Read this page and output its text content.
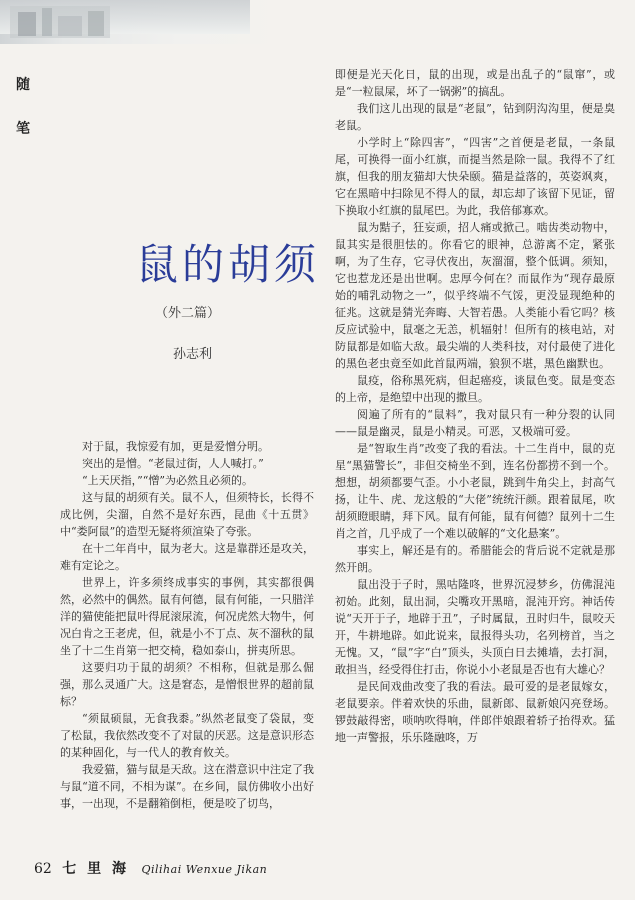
随
笔
鼠的胡须
（外二篇）
孙志利

对于鼠，我惊爱有加，更是爱憎分明。

突出的是憎。“老鼠过街，人人喊打。”

“上天厌指，”“憎”为必然且必须的。

这与鼠的胡须有关。鼠不人，但须特长，长得不成比例，尖溜，自然不是好东西，昆曲《十五贯》中“娄阿鼠”的造型无疑将须渲染了夸张。

在十二年肖中，鼠为老大。这是靠群还是攻关，难有定论之。

世界上，许多须终成事实的事例，其实都很偶然，必然中的偶然。鼠有何德，鼠有何能，一只腊洋洋的猫使能把鼠叶得屁滚尿流，何况虎然大物牛，何况白肯之王老虎，但，就是小不丁点、灰不溜秋的鼠坐了十二生肖第一把交椅，稳如泰山，拼夷所思。

这要归功于鼠的胡须？不相称，但就是那么倔强，那么灵通广大。这是窘态，是憎恨世界的超前鼠标？

“须鼠硕鼠，无食我黍。”纵然老鼠变了袋鼠，变了松鼠，我依然改变不了对鼠的厌恶。这是意识形态的某种固化，与一代人的教育攸关。

我爱猫，猫与鼠是天敌。这在潜意识中注定了我与鼠“道不同，不相为谋”。在乡间，鼠仿佛收小出好事，一出现，不是翻箱倒柜，便是咬了切鸟，

即便是光天化日，鼠的出现，或是出乱子的“鼠窜”，或是“一粒鼠屎，坏了一锅粥”的搞乱。

我们这儿出现的鼠是“老鼠”，钻到阴沟沟里，便是臭老鼠。

小学时上“除四害”，“四害”之首便是老鼠，一条鼠尾，可换得一面小红旗，而提当然是除一鼠。我得不了红旗，但我的朋友猫却大快朵颐。猫是益落的，英姿飒爽，它在黑暗中扫除见不得人的鼠，却忘却了该留下见证，留下换取小红旗的鼠尾巴。为此，我倍郁寡欢。

鼠为黠子，狂妄顽，招人痛或掀己。啮齿类动物中，鼠其实是很胆怯的。你看它的眼神，总游离不定，紧张啊，为了生存，它寻伏夜出，灰溜溜，整个低调。须知，它也惹龙还是出世啊。忠厚今何在？而鼠作为“现存最原始的哺乳动物之一”，似乎终端不气馁，更没显现绝种的征兆。这就是猜光奔晦、大智若愚。人类能小看它吗？核反应试验中，鼠毫之无恙，机辐射！但所有的核电站，对防鼠都是如临大敌。最尖端的人类科技，对付最使了进化的黑色老虫竟至如此首鼠两端，狼狈不堪，黑色幽默也。

鼠疫，俗称黑死病，但起癌疫，谈鼠色变。鼠是变态的上帝，是绝望中出现的撒旦。

阅遍了所有的“鼠料”，我对鼠只有一种分裂的认同——鼠是幽灵，鼠是小精灵。可恶，又极端可爱。

是“智取生肖”改变了我的看法。十二生肖中，鼠的克星“黑猫警长”，非但交椅坐不到，连名份都捞不到一个。想想，胡须都要气歪。小小老鼠，跳到牛角尖上，封高气扬，让牛、虎、龙这般的“大佬”统统汗颜。跟着鼠尾，吹胡须瞪眼睛，拜下风。鼠有何能，鼠有何德？鼠列十二生肖之首，几乎成了一个难以破解的“文化悬案”。

事实上，解还是有的。希腊能会的背后说不定就是那然开朗。

鼠出没于子时，黑咕隆咚，世界沉浸梦乡，仿佛混沌初始。此刻，鼠出洞，尖嘴攻开黑暗，混沌开窍。神话传说“天开于子，地辟于丑”，子时属鼠，丑时归牛，鼠咬天开，牛耕地辟。如此说来，鼠报得头功，名列榜首，当之无愧。又，“鼠”字“白”顶头，头顶白日去摊墙，去打洞，敢担当，经受得住打击，你说小小老鼠是否也有大雄心？

是民间戏曲改变了我的看法。最可爱的是老鼠嫁女，老鼠要亲。伴着欢快的乐曲，鼠新郎、鼠新娘闪亮登场。锣鼓敲得密，唢呐吹得响，伴郎伴娘跟着轿子抬得欢。猛地一声警报，乐乐隆融咚，万

62 七 里 海 Qilihai Wenxue Jikan
